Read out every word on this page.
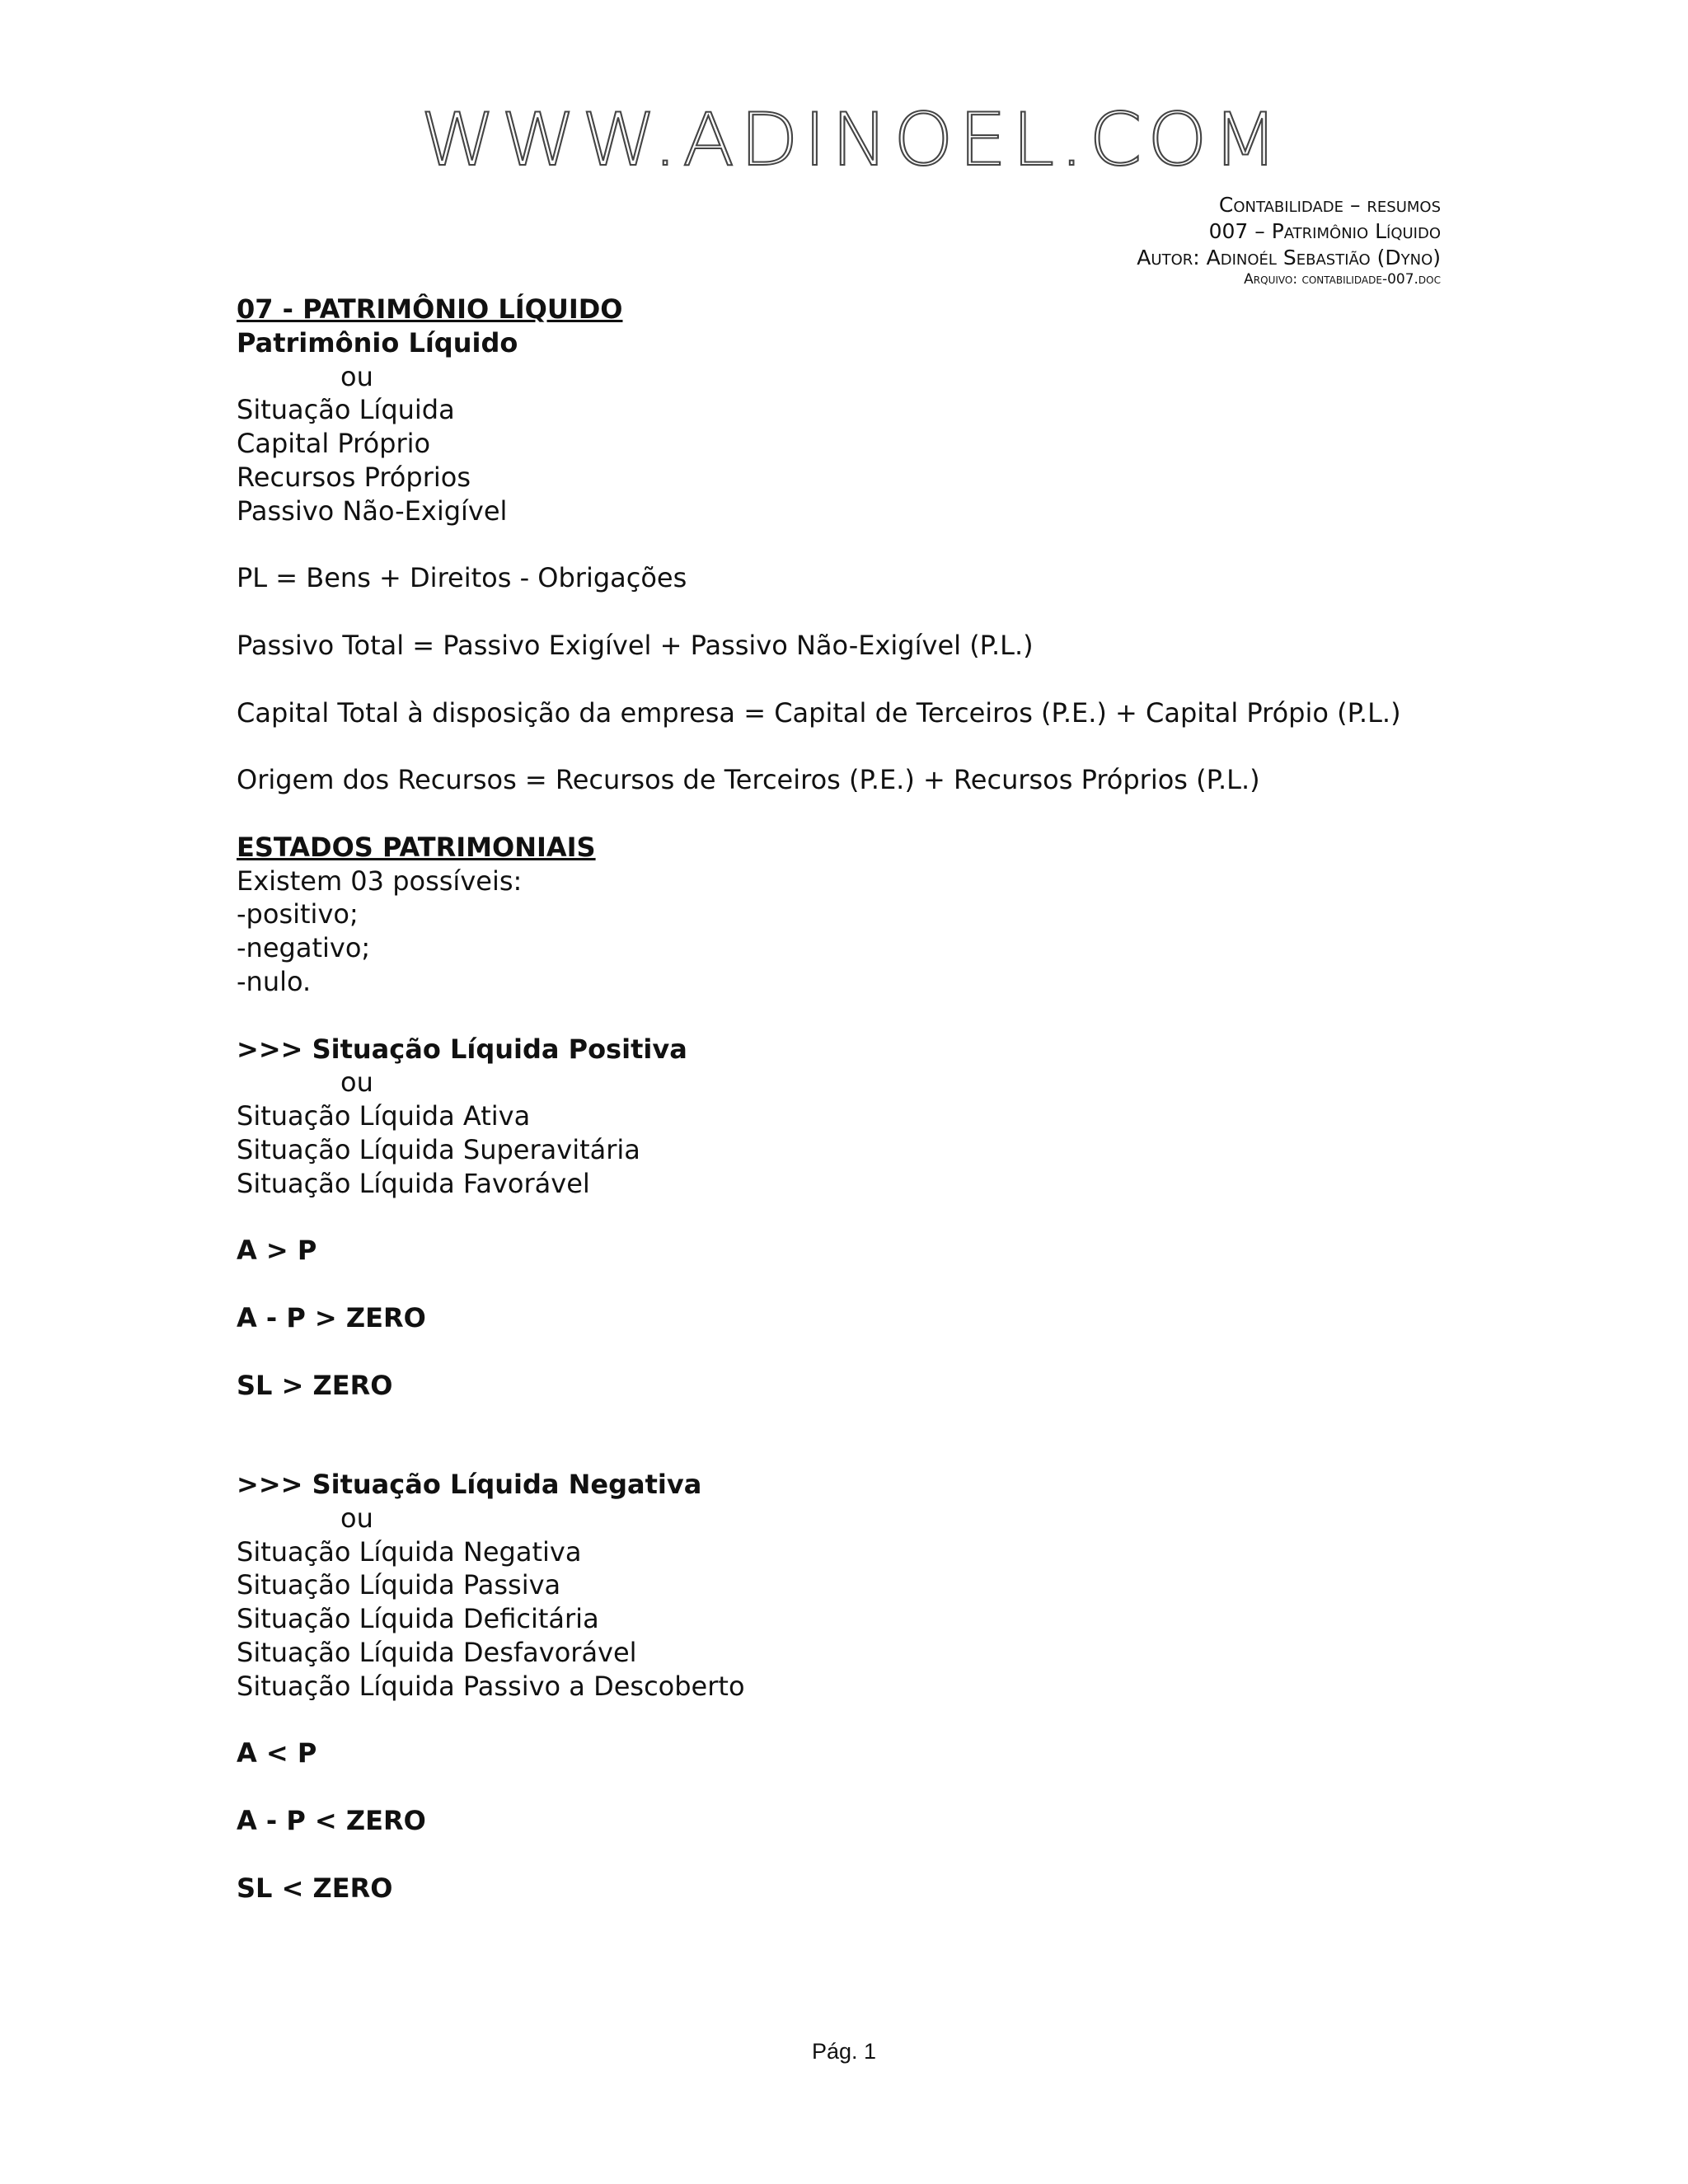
WWW.ADINOEL.COM
Contabilidade – resumos
007 – Patrimônio Líquido
Autor: Adinoél Sebastião (Dyno)
Arquivo: contabilidade-007.doc
07 - PATRIMÔNIO LÍQUIDO
Patrimônio Líquido
ou
Situação Líquida
Capital Próprio
Recursos Próprios
Passivo Não-Exigível
PL = Bens + Direitos - Obrigações
Passivo Total = Passivo Exigível + Passivo Não-Exigível (P.L.)
Capital Total à disposição da empresa = Capital de Terceiros (P.E.) + Capital Própio (P.L.)
Origem dos Recursos = Recursos de Terceiros (P.E.) + Recursos Próprios (P.L.)
ESTADOS PATRIMONIAIS
Existem 03 possíveis:
-positivo;
-negativo;
-nulo.
>>> Situação Líquida Positiva
ou
Situação Líquida Ativa
Situação Líquida Superavitária
Situação Líquida Favorável
A > P
A - P > ZERO
SL > ZERO
>>> Situação Líquida Negativa
ou
Situação Líquida Negativa
Situação Líquida Passiva
Situação Líquida Deficitária
Situação Líquida Desfavorável
Situação Líquida Passivo a Descoberto
A < P
A - P < ZERO
SL < ZERO
Pág. 1
